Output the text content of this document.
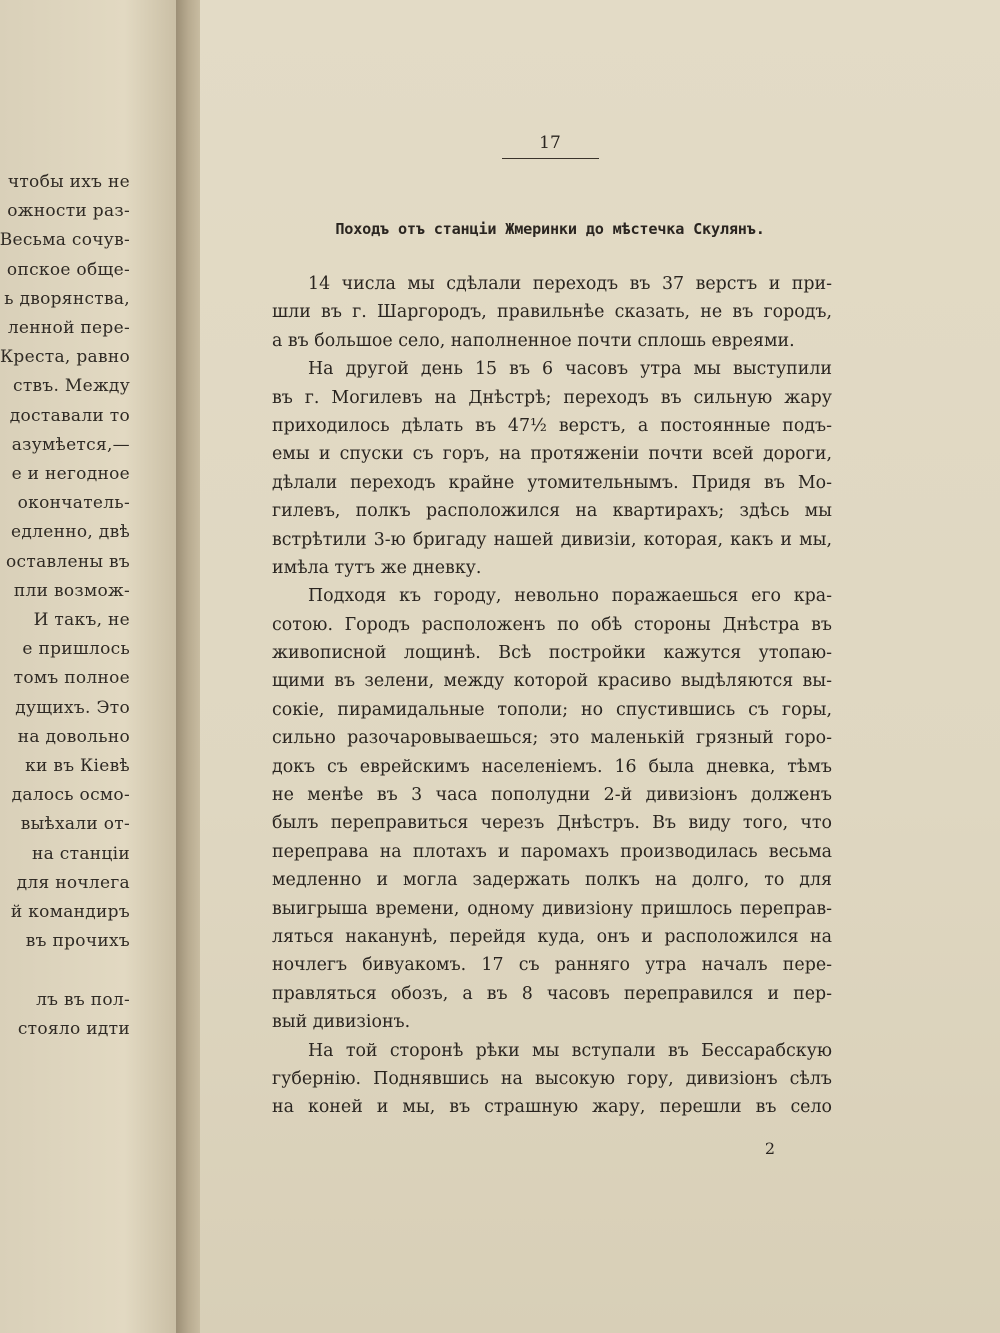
чтобы ихъ не
ожности раз-
Весьма сочув-
опское обще-
ь дворянства,
ленной пере-
Креста, равно
ствъ. Между
доставали то
азумѣется,—
е и негодное
окончатель-
едленно, двѣ
оставлены въ
пли возмож-
И такъ, не
е пришлось
томъ полное
дущихъ. Это
на довольно
ки въ Кіевѣ
далось осмо-
выѣхали от-
на станціи
для ночлега
й командиръ
въ прочихъ
лъ въ пол-
стояло идти
17
Походъ отъ станціи Жмеринки до мѣстечка Скулянъ.
14 числа мы сдѣлали переходъ въ 37 верстъ и при-
шли въ г. Шаргородъ, правильнѣе сказать, не въ городъ,
а въ большое село, наполненное почти сплошь евреями.
На другой день 15 въ 6 часовъ утра мы выступили
въ г. Могилевъ на Днѣстрѣ; переходъ въ сильную жару
приходилось дѣлать въ 47½ верстъ, а постоянные подъ-
емы и спуски съ горъ, на протяженіи почти всей дороги,
дѣлали переходъ крайне утомительнымъ. Придя въ Мо-
гилевъ, полкъ расположился на квартирахъ; здѣсь мы
встрѣтили 3-ю бригаду нашей дивизіи, которая, какъ и мы,
имѣла тутъ же дневку.
Подходя къ городу, невольно поражаешься его кра-
сотою. Городъ расположенъ по обѣ стороны Днѣстра въ
живописной лощинѣ. Всѣ постройки кажутся утопаю-
щими въ зелени, между которой красиво выдѣляются вы-
сокіе, пирамидальные тополи; но спустившись съ горы,
сильно разочаровываешься; это маленькій грязный горо-
докъ съ еврейскимъ населеніемъ. 16 была дневка, тѣмъ
не менѣе въ 3 часа пополудни 2-й дивизіонъ долженъ
былъ переправиться черезъ Днѣстръ. Въ виду того, что
переправа на плотахъ и паромахъ производилась весьма
медленно и могла задержать полкъ на долго, то для
выигрыша времени, одному дивизіону пришлось переправ-
ляться наканунѣ, перейдя куда, онъ и расположился на
ночлегъ бивуакомъ. 17 съ ранняго утра началъ пере-
правляться обозъ, а въ 8 часовъ переправился и пер-
вый дивизіонъ.
На той сторонѣ рѣки мы вступали въ Бессарабскую
губернію. Поднявшись на высокую гору, дивизіонъ сѣлъ
на коней и мы, въ страшную жару, перешли въ село
2
